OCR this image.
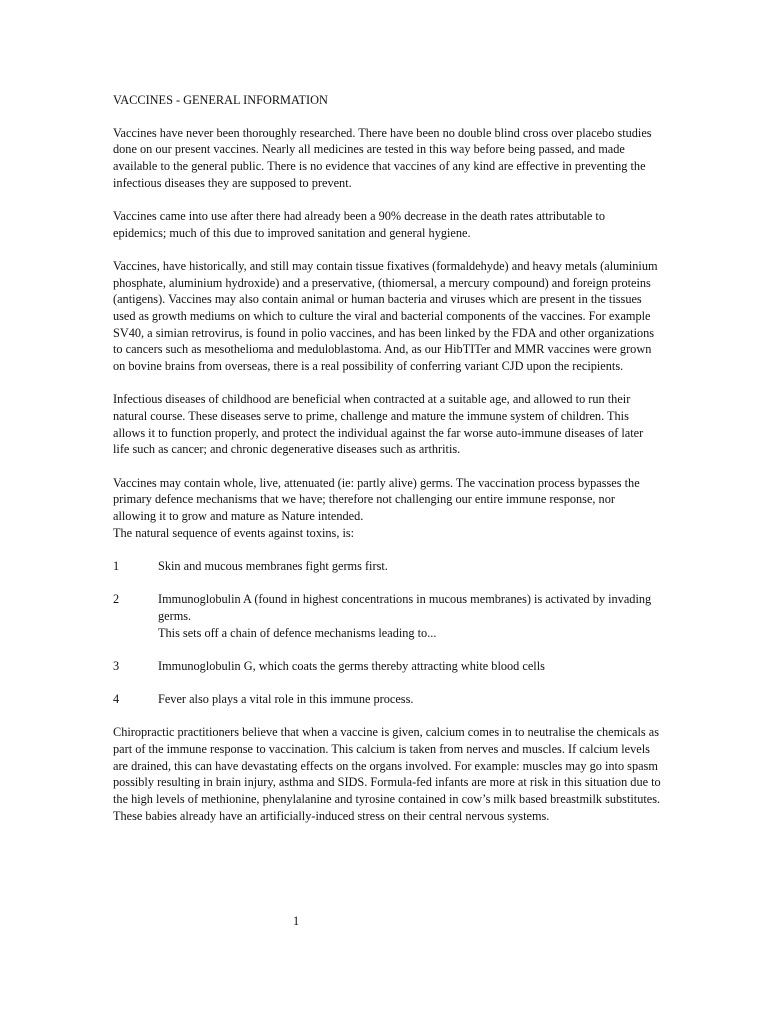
VACCINES - GENERAL INFORMATION

Vaccines have never been thoroughly researched. There have been no double blind cross over placebo studies done on our present vaccines. Nearly all medicines are tested in this way before being passed, and made available to the general public. There is no evidence that vaccines of any kind are effective in preventing the infectious diseases they are supposed to prevent.

Vaccines came into use after there had already been a 90% decrease in the death rates attributable to epidemics; much of this due to improved sanitation and general hygiene.

Vaccines, have historically, and still may contain tissue fixatives (formaldehyde) and heavy metals (aluminium phosphate, aluminium hydroxide) and a preservative, (thiomersal, a mercury compound) and foreign proteins (antigens). Vaccines may also contain animal or human bacteria and viruses which are present in the tissues used as growth mediums on which to culture the viral and bacterial components of the vaccines. For example SV40, a simian retrovirus, is found in polio vaccines, and has been linked by the FDA and other organizations to cancers such as mesothelioma and meduloblastoma. And, as our HibTITer and MMR vaccines were grown on bovine brains from overseas, there is a real possibility of conferring variant CJD upon the recipients.

Infectious diseases of childhood are beneficial when contracted at a suitable age, and allowed to run their natural course. These diseases serve to prime, challenge and mature the immune system of children. This allows it to function properly, and protect the individual against the far worse auto-immune diseases of later life such as cancer; and chronic degenerative diseases such as arthritis.

Vaccines may contain whole, live, attenuated (ie: partly alive) germs. The vaccination process bypasses the primary defence mechanisms that we have; therefore not challenging our entire immune response, nor allowing it to grow and mature as Nature intended.

The natural sequence of events against toxins, is:

1	Skin and mucous membranes fight germs first.
2	Immunoglobulin A (found in highest concentrations in mucous membranes) is activated by invading germs.
This sets off a chain of defence mechanisms leading to...
3	Immunoglobulin G, which coats the germs thereby attracting white blood cells
4	Fever also plays a vital role in this immune process.

Chiropractic practitioners believe that when a vaccine is given, calcium comes in to neutralise the chemicals as part of the immune response to vaccination. This calcium is taken from nerves and muscles. If calcium levels are drained, this can have devastating effects on the organs involved. For example: muscles may go into spasm possibly resulting in brain injury, asthma and SIDS. Formula-fed infants are more at risk in this situation due to the high levels of methionine, phenylalanine and tyrosine contained in cow’s milk based breastmilk substitutes. These babies already have an artificially-induced stress on their central nervous systems.

1
